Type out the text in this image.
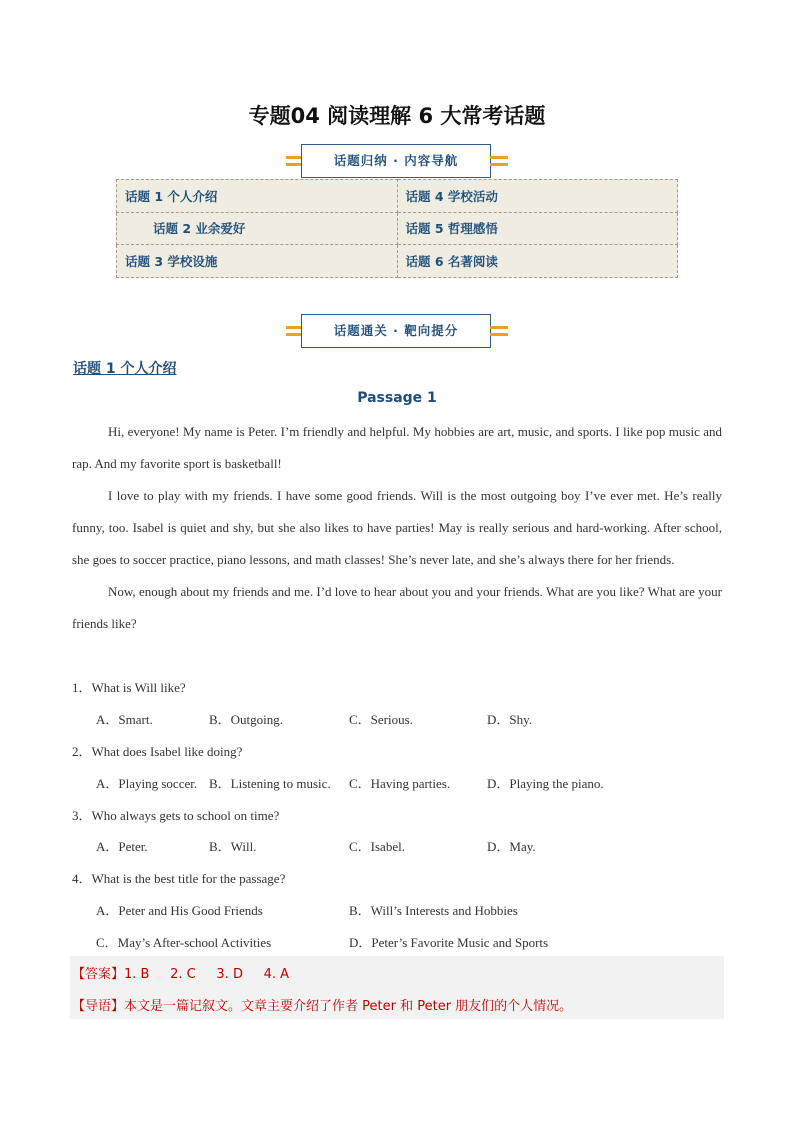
专题04 阅读理解 6 大常考话题
话题归纳 · 内容导航
话题 1 个人介绍	话题 4 学校活动
话题 2 业余爱好	话题 5 哲理感悟
话题 3 学校设施	话题 6 名著阅读
话题通关 · 靶向提分
话题 1 个人介绍
Passage 1

Hi, everyone! My name is Peter. I’m friendly and helpful. My hobbies are art, music, and sports. I like pop music and rap. And my favorite sport is basketball!

I love to play with my friends. I have some good friends. Will is the most outgoing boy I’ve ever met. He’s really funny, too. Isabel is quiet and shy, but she also likes to have parties! May is really serious and hard-working. After school, she goes to soccer practice, piano lessons, and math classes! She’s never late, and she’s always there for her friends.

Now, enough about my friends and me. I’d love to hear about you and your friends. What are you like? What are your friends like?

1．What is Will like?
A．Smart.	B．Outgoing.	C．Serious.	D．Shy.
2．What does Isabel like doing?
A．Playing soccer. B．Listening to music. C．Having parties.	D．Playing the piano.
3．Who always gets to school on time?
A．Peter.	B．Will.	C．Isabel.	D．May.
4．What is the best title for the passage?
A．Peter and His Good Friends	B．Will’s Interests and Hobbies
C．May’s After-school Activities	D．Peter’s Favorite Music and Sports
【答案】1. B     2. C     3. D     4. A
【导语】本文是一篇记叙文。文章主要介绍了作者 Peter 和 Peter 朋友们的个人情况。
